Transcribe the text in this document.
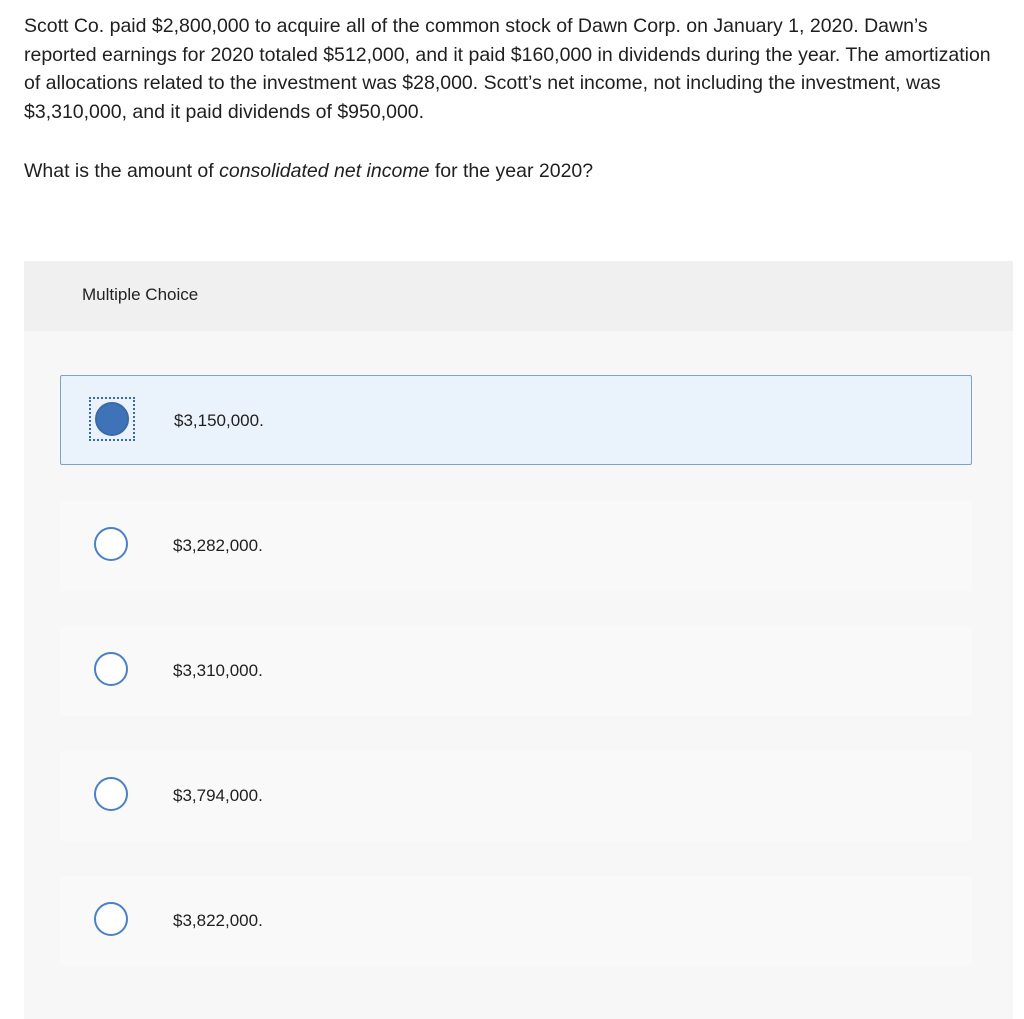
Scott Co. paid $2,800,000 to acquire all of the common stock of Dawn Corp. on January 1, 2020. Dawn’s reported earnings for 2020 totaled $512,000, and it paid $160,000 in dividends during the year. The amortization of allocations related to the investment was $28,000. Scott’s net income, not including the investment, was $3,310,000, and it paid dividends of $950,000.

What is the amount of consolidated net income for the year 2020?

Multiple Choice
$3,150,000.
$3,282,000.
$3,310,000.
$3,794,000.
$3,822,000.
